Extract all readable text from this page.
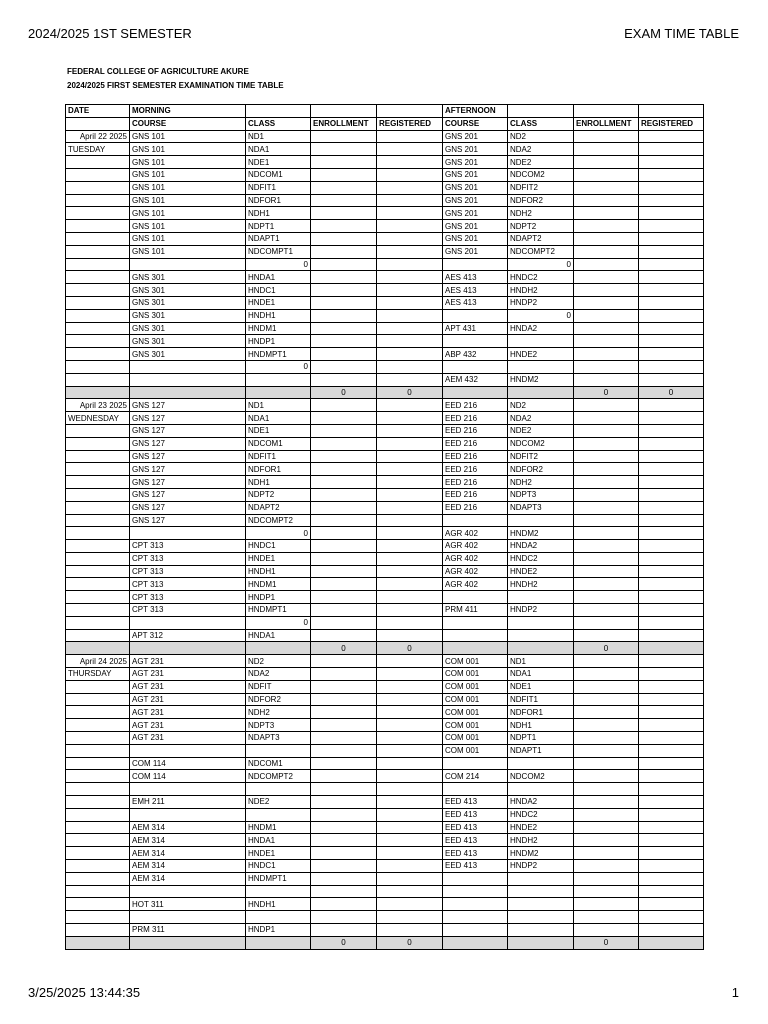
2024/2025 1ST SEMESTER	EXAM TIME TABLE
FEDERAL COLLEGE OF AGRICULTURE AKURE
2024/2025 FIRST SEMESTER EXAMINATION TIME TABLE
DATE	MORNING				AFTERNOON			
	COURSE	CLASS	ENROLLMENT	REGISTERED	COURSE	CLASS	ENROLLMENT	REGISTERED
April 22 2025	GNS 101	ND1			GNS 201	ND2		
TUESDAY	GNS 101	NDA1			GNS 201	NDA2		
	GNS 101	NDE1			GNS 201	NDE2		
	GNS 101	NDCOM1			GNS 201	NDCOM2		
	GNS 101	NDFIT1			GNS 201	NDFIT2		
	GNS 101	NDFOR1			GNS 201	NDFOR2		
	GNS 101	NDH1			GNS 201	NDH2		
	GNS 101	NDPT1			GNS 201	NDPT2		
	GNS 101	NDAPT1			GNS 201	NDAPT2		
	GNS 101	NDCOMPT1			GNS 201	NDCOMPT2		
		0				0		
	GNS 301	HNDA1			AES 413	HNDC2		
	GNS 301	HNDC1			AES 413	HNDH2		
	GNS 301	HNDE1			AES 413	HNDP2		
	GNS 301	HNDH1				0		
	GNS 301	HNDM1			APT 431	HNDA2		
	GNS 301	HNDP1						
	GNS 301	HNDMPT1			ABP 432	HNDE2		
		0						
					AEM 432	HNDM2		
			0	0			0	0
April 23 2025	GNS 127	ND1			EED 216	ND2		
WEDNESDAY	GNS 127	NDA1			EED 216	NDA2		
	GNS 127	NDE1			EED 216	NDE2		
	GNS 127	NDCOM1			EED 216	NDCOM2		
	GNS 127	NDFIT1			EED 216	NDFIT2		
	GNS 127	NDFOR1			EED 216	NDFOR2		
	GNS 127	NDH1			EED 216	NDH2		
	GNS 127	NDPT2			EED 216	NDPT3		
	GNS 127	NDAPT2			EED 216	NDAPT3		
	GNS 127	NDCOMPT2						
		0			AGR 402	HNDM2		
	CPT 313	HNDC1			AGR 402	HNDA2		
	CPT 313	HNDE1			AGR 402	HNDC2		
	CPT 313	HNDH1			AGR 402	HNDE2		
	CPT 313	HNDM1			AGR 402	HNDH2		
	CPT 313	HNDP1						
	CPT 313	HNDMPT1			PRM 411	HNDP2		
		0						
	APT 312	HNDA1						
			0	0			0	
April 24 2025	AGT 231	ND2			COM 001	ND1		
THURSDAY	AGT 231	NDA2			COM 001	NDA1		
	AGT 231	NDFIT			COM 001	NDE1		
	AGT 231	NDFOR2			COM 001	NDFIT1		
	AGT 231	NDH2			COM 001	NDFOR1		
	AGT 231	NDPT3			COM 001	NDH1		
	AGT 231	NDAPT3			COM 001	NDPT1		
					COM 001	NDAPT1		
	COM 114	NDCOM1						
	COM 114	NDCOMPT2			COM 214	NDCOM2		

	EMH 211	NDE2			EED 413	HNDA2		
					EED 413	HNDC2		
	AEM 314	HNDM1			EED 413	HNDE2		
	AEM 314	HNDA1			EED 413	HNDH2		
	AEM 314	HNDE1			EED 413	HNDM2		
	AEM 314	HNDC1			EED 413	HNDP2		
	AEM 314	HNDMPT1						

	HOT 311	HNDH1						

	PRM 311	HNDP1						
			0	0			0	
3/25/2025 13:44:35	1
